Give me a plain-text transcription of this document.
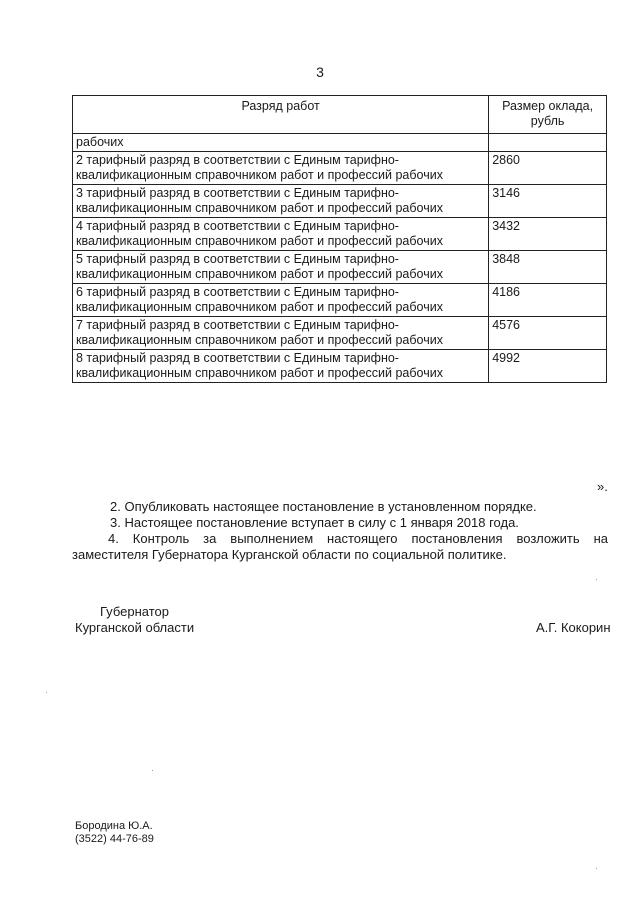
3
Разряд работ	Размер оклада, рубль
рабочих	
2 тарифный разряд в соответствии с Единым тарифно-квалификационным справочником работ и профессий рабочих	2860
3 тарифный разряд в соответствии с Единым тарифно-квалификационным справочником работ и профессий рабочих	3146
4 тарифный разряд в соответствии с Единым тарифно-квалификационным справочником работ и профессий рабочих	3432
5 тарифный разряд в соответствии с Единым тарифно-квалификационным справочником работ и профессий рабочих	3848
6 тарифный разряд в соответствии с Единым тарифно-квалификационным справочником работ и профессий рабочих	4186
7 тарифный разряд в соответствии с Единым тарифно-квалификационным справочником работ и профессий рабочих	4576
8 тарифный разряд в соответствии с Единым тарифно-квалификационным справочником работ и профессий рабочих	4992
».

2. Опубликовать настоящее постановление в установленном порядке.

3. Настоящее постановление вступает в силу с 1 января 2018 года.

4. Контроль за выполнением настоящего постановления возложить на

заместителя Губернатора Курганской области по социальной политике.

Губернатор
Курганской области	А.Г. Кокорин
Бородина Ю.А.
(3522) 44-76-89
